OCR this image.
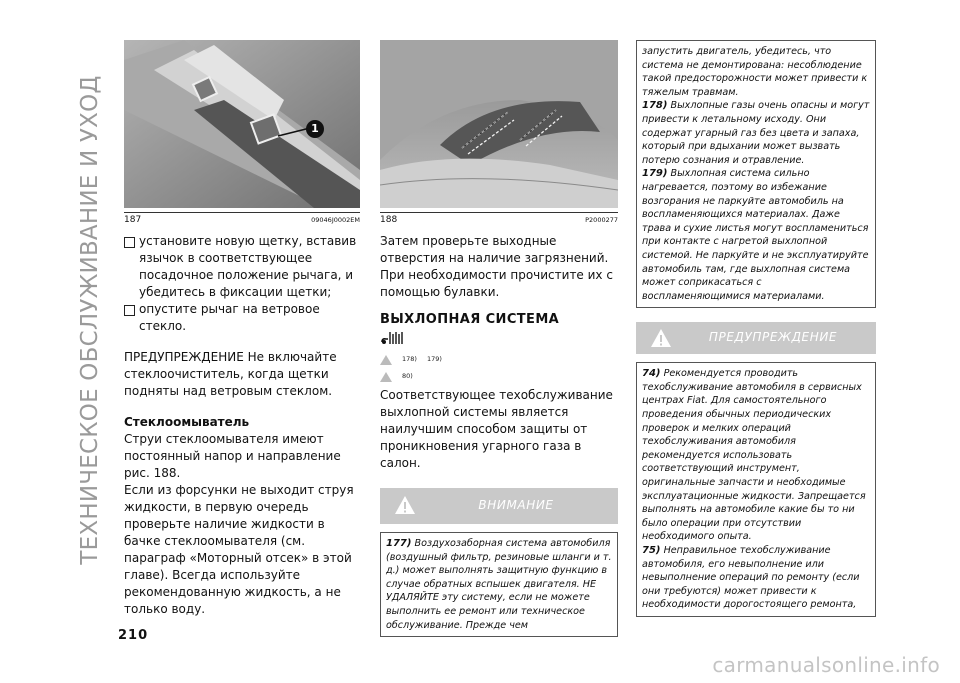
ТЕХНИЧЕСКОЕ ОБСЛУЖИВАНИЕ И УХОД
210
1
187	09046J0002EM

установите новую щетку, вставив язычок в соответствующее посадочное положение рычага, и убедитесь в фиксации щетки;

опустите рычаг на ветровое стекло.

ПРЕДУПРЕЖДЕНИЕ Не включайте стеклоочиститель, когда щетки подняты над ветровым стеклом.

Стеклоомыватель

Струи стеклоомывателя имеют постоянный напор и направление рис. 188.

Если из форсунки не выходит струя жидкости, в первую очередь проверьте наличие жидкости в бачке стеклоомывателя (см. параграф «Моторный отсек» в этой главе). Всегда используйте рекомендованную жидкость, а не только воду.

188	P2000277

Затем проверьте выходные отверстия на наличие загрязнений. При необходимости прочистите их с помощью булавки.

ВЫХЛОПНАЯ СИСТЕМА

178) 179)
80)

Соответствующее техобслуживание выхлопной системы является наилучшим способом защиты от проникновения угарного газа в салон.

ВНИМАНИЕ

177) Воздухозаборная система автомобиля (воздушный фильтр, резиновые шланги и т. д.) может выполнять защитную функцию в случае обратных вспышек двигателя. НЕ УДАЛЯЙТЕ эту систему, если не можете выполнить ее ремонт или техническое обслуживание. Прежде чем

запустить двигатель, убедитесь, что система не демонтирована: несоблюдение такой предосторожности может привести к тяжелым травмам.

178) Выхлопные газы очень опасны и могут привести к летальному исходу. Они содержат угарный газ без цвета и запаха, который при вдыхании может вызвать потерю сознания и отравление.

179) Выхлопная система сильно нагревается, поэтому во избежание возгорания не паркуйте автомобиль на воспламеняющихся материалах. Даже трава и сухие листья могут воспламениться при контакте с нагретой выхлопной системой. Не паркуйте и не эксплуатируйте автомобиль там, где выхлопная система может соприкасаться с воспламеняющимися материалами.

ПРЕДУПРЕЖДЕНИЕ

74) Рекомендуется проводить техобслуживание автомобиля в сервисных центрах Fiat. Для самостоятельного проведения обычных периодических проверок и мелких операций техобслуживания автомобиля рекомендуется использовать соответствующий инструмент, оригинальные запчасти и необходимые эксплуатационные жидкости. Запрещается выполнять на автомобиле какие бы то ни было операции при отсутствии необходимого опыта.

75) Неправильное техобслуживание автомобиля, его невыполнение или невыполнение операций по ремонту (если они требуются) может привести к необходимости дорогостоящего ремонта,

carmanualsonline.info
